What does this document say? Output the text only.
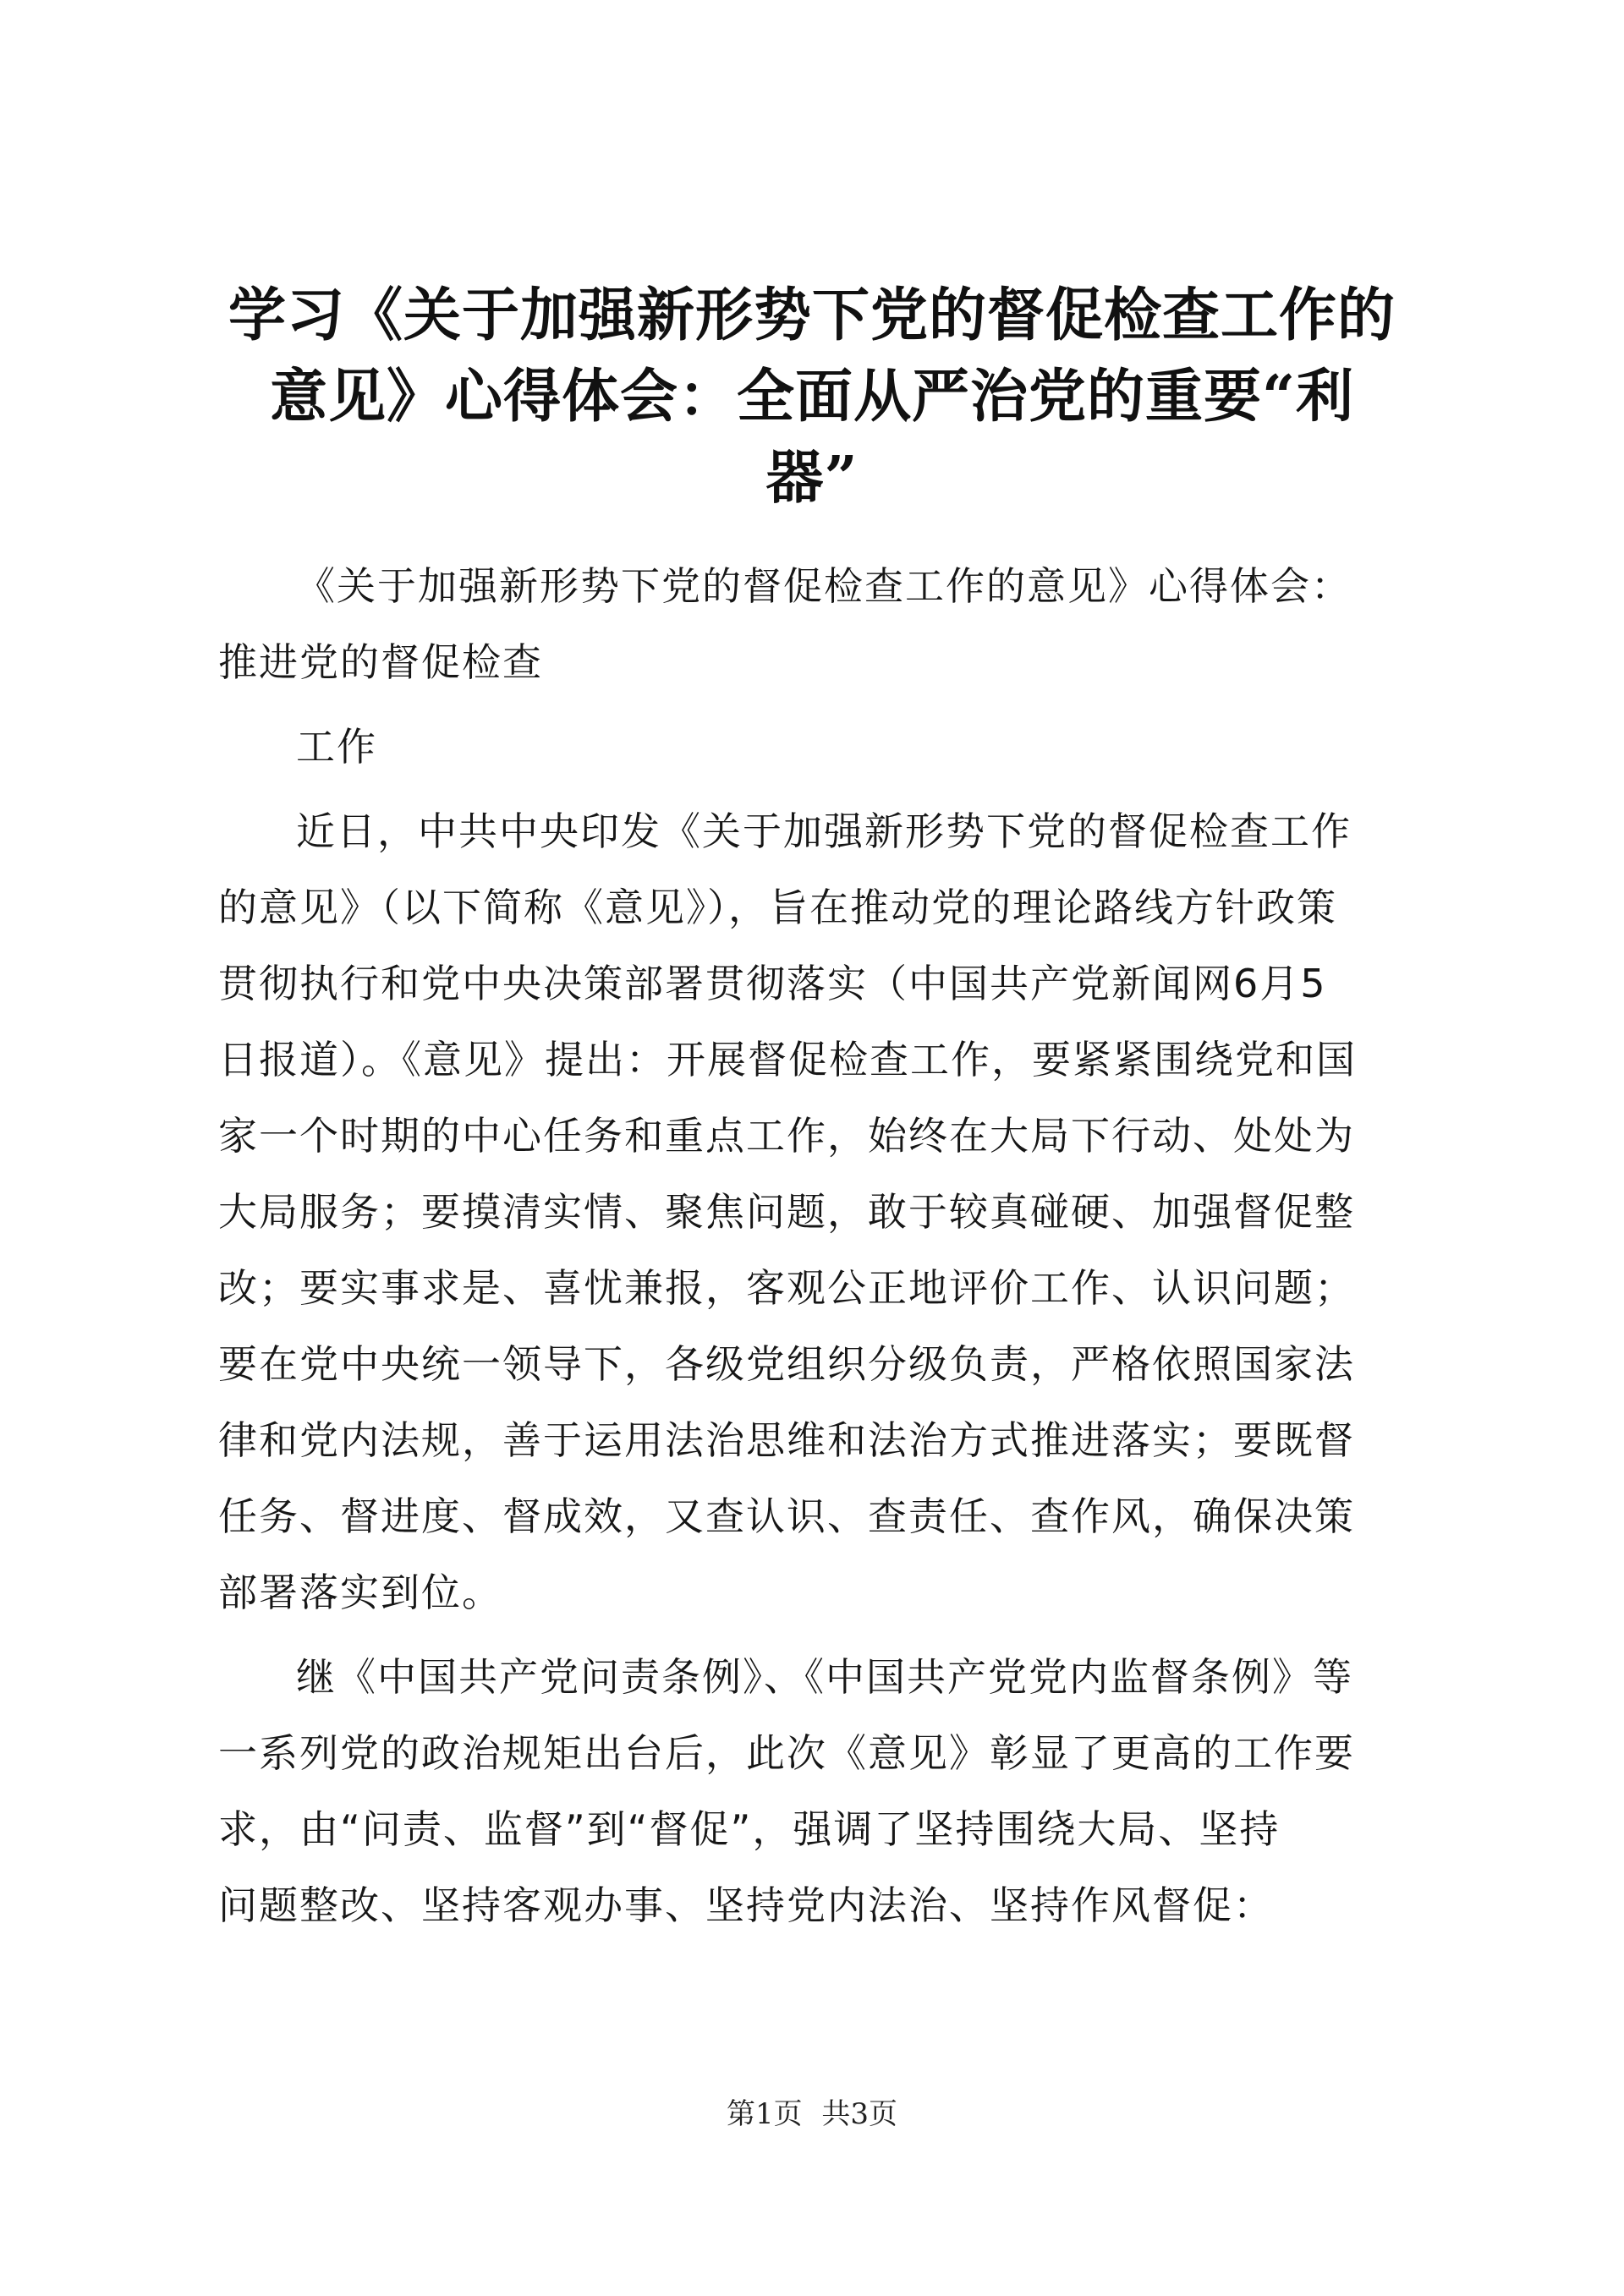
学习《关于加强新形势下党的督促检查工作的
意见》心得体会：全面从严治党的重要“利
器”

《关于加强新形势下党的督促检查工作的意见》心得体会：
推进党的督促检查

工作

近日，中共中央印发《关于加强新形势下党的督促检查工作
的意见》（以下简称《意见》），旨在推动党的理论路线方针政策
贯彻执行和党中央决策部署贯彻落实（中国共产党新闻网6月5
日报道）。《意见》提出：开展督促检查工作，要紧紧围绕党和国
家一个时期的中心任务和重点工作，始终在大局下行动、处处为
大局服务；要摸清实情、聚焦问题，敢于较真碰硬、加强督促整
改；要实事求是、喜忧兼报，客观公正地评价工作、认识问题；
要在党中央统一领导下，各级党组织分级负责，严格依照国家法
律和党内法规，善于运用法治思维和法治方式推进落实；要既督
任务、督进度、督成效，又查认识、查责任、查作风，确保决策
部署落实到位。

继《中国共产党问责条例》、《中国共产党党内监督条例》等
一系列党的政治规矩出台后，此次《意见》彰显了更高的工作要
求，由“问责、监督”到“督促”，强调了坚持围绕大局、坚持
问题整改、坚持客观办事、坚持党内法治、坚持作风督促：

第1页 共3页
